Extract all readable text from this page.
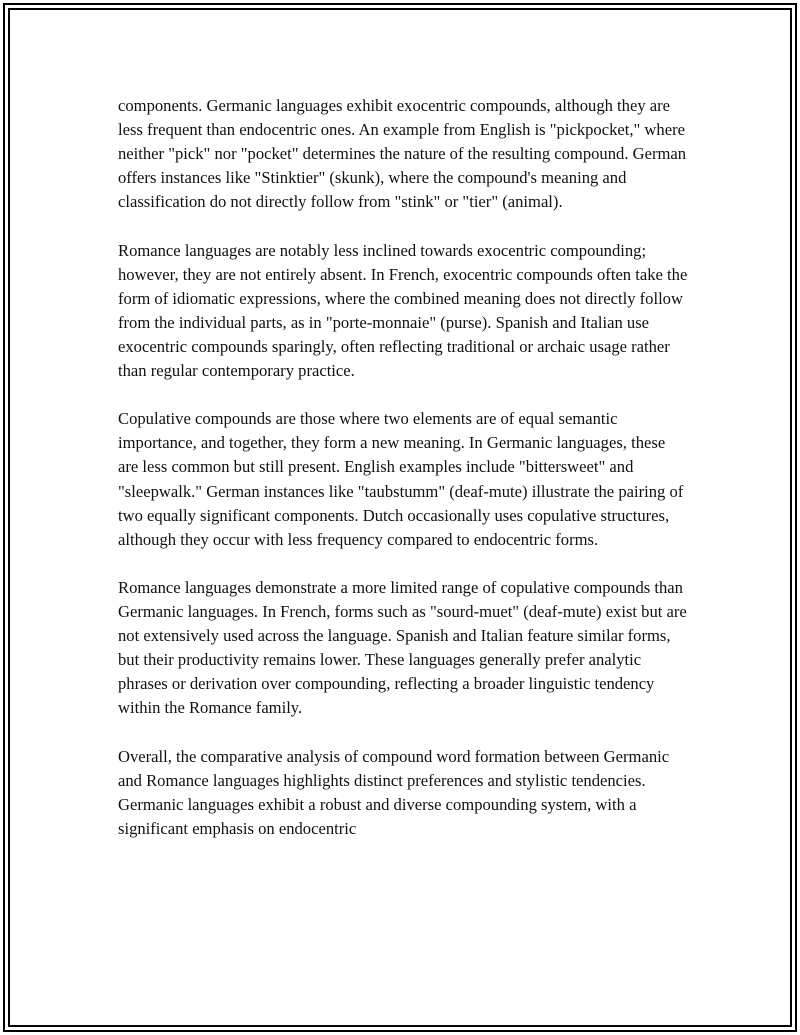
components. Germanic languages exhibit exocentric compounds, although they are less frequent than endocentric ones. An example from English is "pickpocket," where neither "pick" nor "pocket" determines the nature of the resulting compound. German offers instances like "Stinktier" (skunk), where the compound's meaning and classification do not directly follow from "stink" or "tier" (animal).

Romance languages are notably less inclined towards exocentric compounding; however, they are not entirely absent. In French, exocentric compounds often take the form of idiomatic expressions, where the combined meaning does not directly follow from the individual parts, as in "porte-monnaie" (purse). Spanish and Italian use exocentric compounds sparingly, often reflecting traditional or archaic usage rather than regular contemporary practice.

Copulative compounds are those where two elements are of equal semantic importance, and together, they form a new meaning. In Germanic languages, these are less common but still present. English examples include "bittersweet" and "sleepwalk." German instances like "taubstumm" (deaf-mute) illustrate the pairing of two equally significant components. Dutch occasionally uses copulative structures, although they occur with less frequency compared to endocentric forms.

Romance languages demonstrate a more limited range of copulative compounds than Germanic languages. In French, forms such as "sourd-muet" (deaf-mute) exist but are not extensively used across the language. Spanish and Italian feature similar forms, but their productivity remains lower. These languages generally prefer analytic phrases or derivation over compounding, reflecting a broader linguistic tendency within the Romance family.

Overall, the comparative analysis of compound word formation between Germanic and Romance languages highlights distinct preferences and stylistic tendencies. Germanic languages exhibit a robust and diverse compounding system, with a significant emphasis on endocentric
